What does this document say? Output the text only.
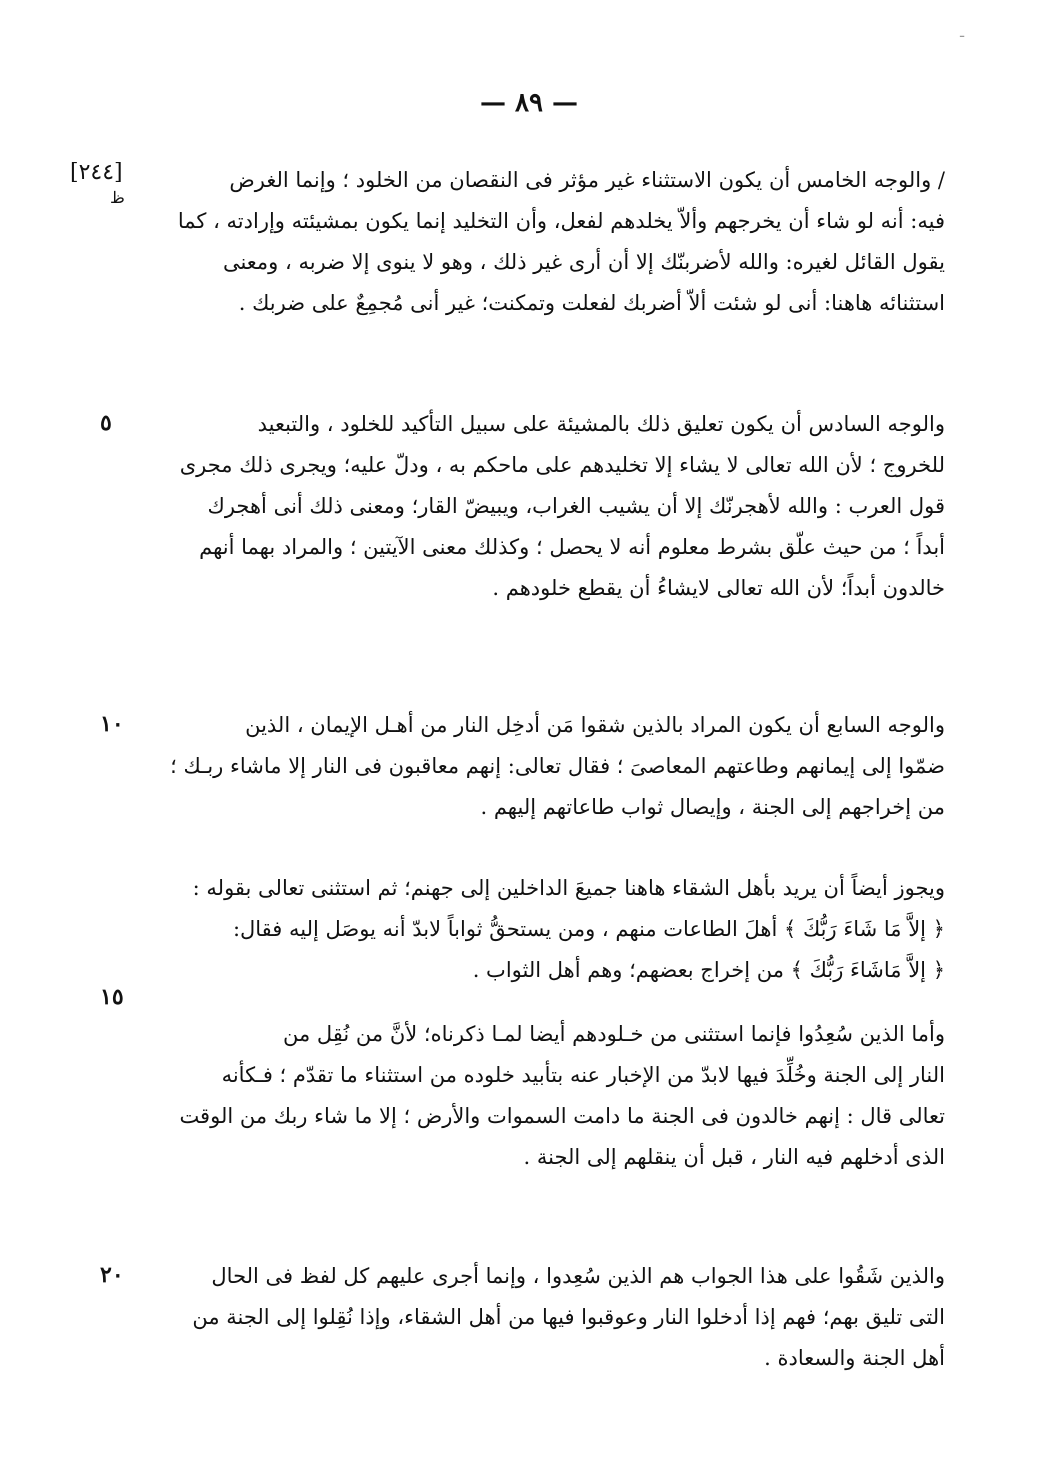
ـ
— ٨٩ —
[٢٤٤]
ظ
/ والوجه الخامس أن يكون الاستثناء غير مؤثر فى النقصان من الخلود ؛ وإنما الغرض
فيه: أنه لو شاء أن يخرجهم وألاّ يخلدهم لفعل، وأن التخليد إنما يكون بمشيئته وإرادته ، كما
يقول القائل لغيره: والله لأضربنّك إلا أن أرى غير ذلك ، وهو لا ينوى إلا ضربه ، ومعنى
استثنائه هاهنا: أنى لو شئت ألاّ أضربك لفعلت وتمكنت؛ غير أنى مُجمِعٌ على ضربك .
والوجه السادس أن يكون تعليق ذلك بالمشيئة على سبيل التأكيد للخلود ، والتبعيد
للخروج ؛ لأن الله تعالى لا يشاء إلا تخليدهم على ماحكم به ، ودلّ عليه؛ ويجرى ذلك مجرى
قول العرب : والله لأهجرنّك إلا أن يشيب الغراب، ويبيضّ القار؛ ومعنى ذلك أنى أهجرك
أبداً ؛ من حيث علّق بشرط معلوم أنه لا يحصل ؛ وكذلك معنى الآيتين ؛ والمراد بهما أنهم
خالدون أبداً؛ لأن الله تعالى لايشاءُ أن يقطع خلودهم .
والوجه السابع أن يكون المراد بالذين شقوا مَن أدخِل النار من أهـل الإيمان ، الذين
ضمّوا إلى إيمانهم وطاعتهم المعاصىَ ؛ فقال تعالى: إنهم معاقبون فى النار إلا ماشاء ربـك ؛
من إخراجهم إلى الجنة ، وإيصال ثواب طاعاتهم إليهم .
ويجوز أيضاً أن يريد بأهل الشقاء هاهنا جميعَ الداخلين إلى جهنم؛ ثم استثنى تعالى بقوله :
﴿ إلاَّ مَا شَاءَ رَبُّكَ ﴾ أهلَ الطاعات منهم ، ومن يستحقُّ ثواباً لابدّ أنه يوصَل إليه فقال:
﴿ إلاَّ مَاشَاءَ رَبُّكَ ﴾ من إخراج بعضهم؛ وهم أهل الثواب .
وأما الذين سُعِدُوا فإنما استثنى من خـلودهم أيضا لمـا ذكرناه؛ لأنَّ من نُقِل من
النار إلى الجنة وخُلِّدَ فيها لابدّ من الإخبار عنه بتأبيد خلوده من استثناء ما تقدّم ؛ فـكأنه
تعالى قال : إنهم خالدون فى الجنة ما دامت السموات والأرض ؛ إلا ما شاء ربك من الوقت
الذى أدخلهم فيه النار ، قبل أن ينقلهم إلى الجنة .
والذين شَقُوا على هذا الجواب هم الذين سُعِدوا ، وإنما أجرى عليهم كل لفظ فى الحال
التى تليق بهم؛ فهم إذا أدخلوا النار وعوقبوا فيها من أهل الشقاء، وإذا نُقِلوا إلى الجنة من
أهل الجنة والسعادة .
٥
١٠
١٥
٢٠
